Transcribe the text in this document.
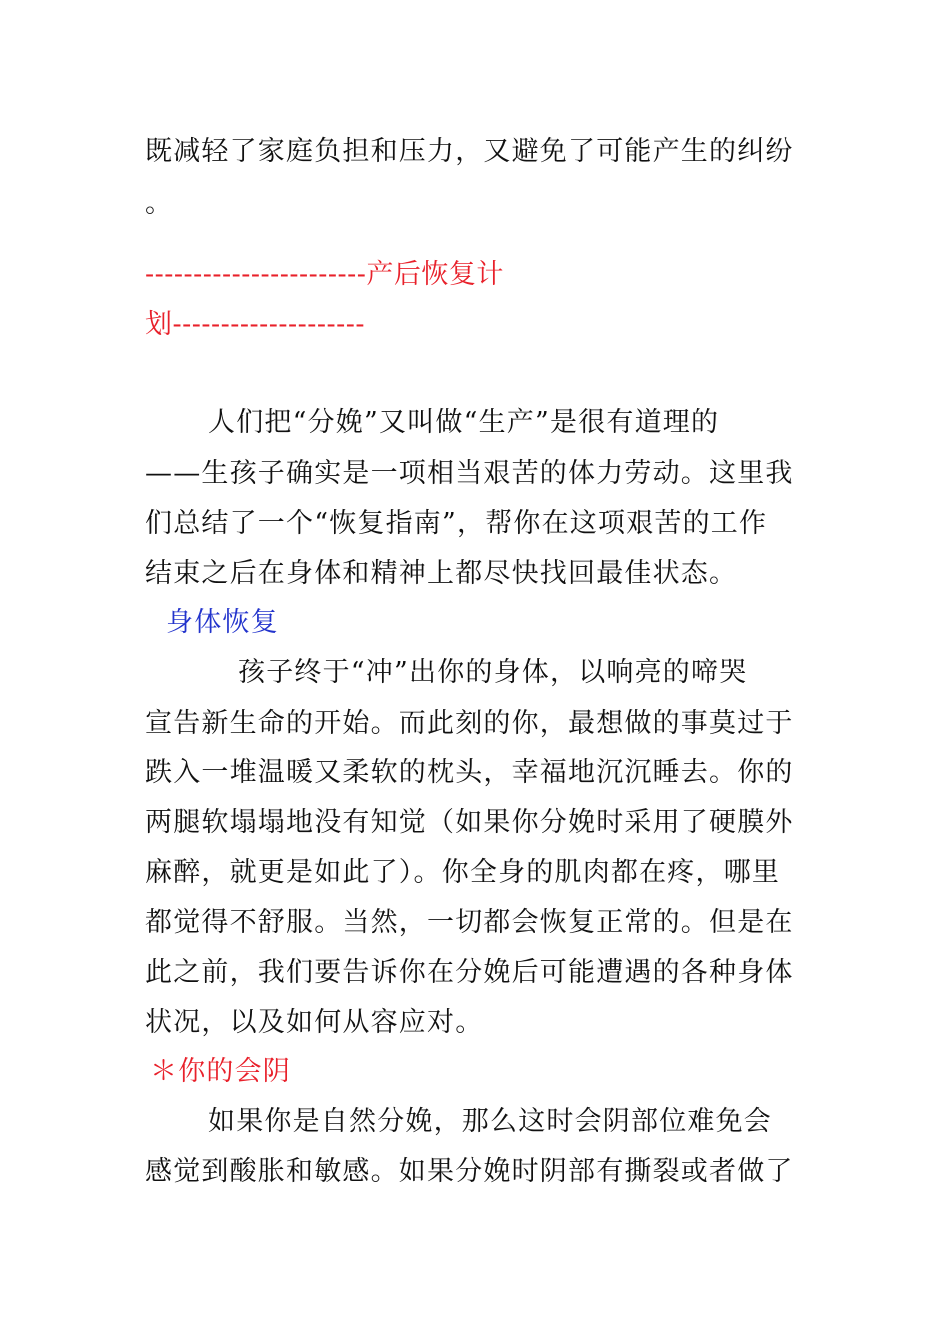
既减轻了家庭负担和压力，又避免了可能产生的纠纷
。
-----------------------产后恢复计
划--------------------
人们把“分娩”又叫做“生产”是很有道理的
——生孩子确实是一项相当艰苦的体力劳动。这里我
们总结了一个“恢复指南”，帮你在这项艰苦的工作
结束之后在身体和精神上都尽快找回最佳状态。
身体恢复
孩子终于“冲”出你的身体，以响亮的啼哭
宣告新生命的开始。而此刻的你，最想做的事莫过于
跌入一堆温暖又柔软的枕头，幸福地沉沉睡去。你的
两腿软塌塌地没有知觉（如果你分娩时采用了硬膜外
麻醉，就更是如此了）。你全身的肌肉都在疼，哪里
都觉得不舒服。当然，一切都会恢复正常的。但是在
此之前，我们要告诉你在分娩后可能遭遇的各种身体
状况，以及如何从容应对。
＊你的会阴
如果你是自然分娩，那么这时会阴部位难免会
感觉到酸胀和敏感。如果分娩时阴部有撕裂或者做了
